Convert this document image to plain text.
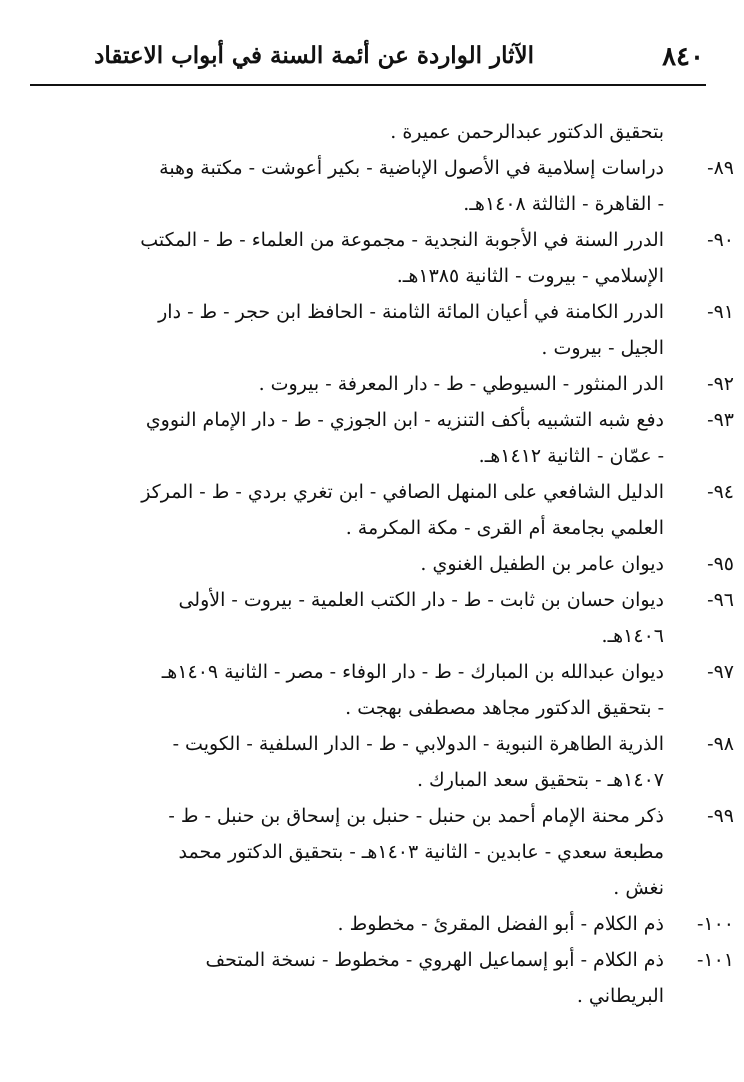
٨٤٠
الآثار الواردة عن أئمة السنة في أبواب الاعتقاد
بتحقيق الدكتور عبدالرحمن عميرة .
٨٩-
دراسات إسلامية في الأصول الإباضية - بكير أعوشت - مكتبة وهبة
- القاهرة - الثالثة ١٤٠٨هـ.
٩٠-
الدرر السنة في الأجوبة النجدية - مجموعة من العلماء - ط - المكتب
الإسلامي - بيروت - الثانية ١٣٨٥هـ.
٩١-
الدرر الكامنة في أعيان المائة الثامنة - الحافظ ابن حجر - ط - دار
الجيل - بيروت .
٩٢-
الدر المنثور - السيوطي - ط - دار المعرفة - بيروت .
٩٣-
دفع شبه التشبيه بأكف التنزيه - ابن الجوزي - ط - دار الإمام النووي
- عمّان - الثانية ١٤١٢هـ.
٩٤-
الدليل الشافعي على المنهل الصافي - ابن تغري بردي - ط - المركز
العلمي بجامعة أم القرى - مكة المكرمة .
٩٥-
ديوان عامر بن الطفيل الغنوي .
٩٦-
ديوان حسان بن ثابت - ط - دار الكتب العلمية - بيروت - الأولى
١٤٠٦هـ.
٩٧-
ديوان عبدالله بن المبارك - ط - دار الوفاء - مصر - الثانية ١٤٠٩هـ
- بتحقيق الدكتور مجاهد مصطفى بهجت .
٩٨-
الذرية الطاهرة النبوية - الدولابي - ط - الدار السلفية - الكويت -
١٤٠٧هـ - بتحقيق سعد المبارك .
٩٩-
ذكر محنة الإمام أحمد بن حنبل - حنبل بن إسحاق بن حنبل - ط -
مطبعة سعدي - عابدين - الثانية ١٤٠٣هـ - بتحقيق الدكتور محمد
نغش .
١٠٠-
ذم الكلام - أبو الفضل المقرئ - مخطوط .
١٠١-
ذم الكلام - أبو إسماعيل الهروي - مخطوط - نسخة المتحف
البريطاني .
